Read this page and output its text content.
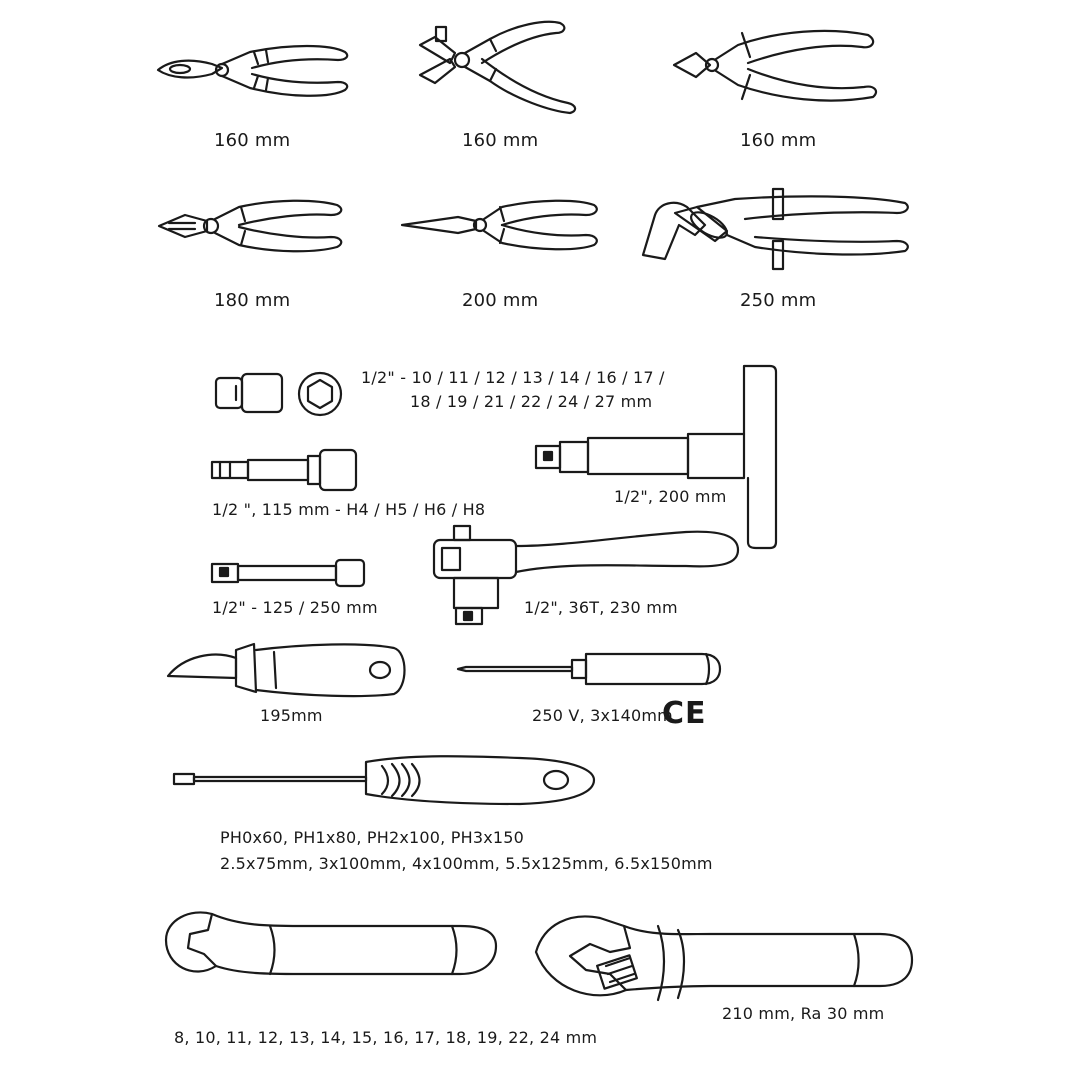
160 mm	160 mm	160 mm
180 mm	200 mm	250 mm
1/2" - 10 / 11 / 12 / 13 / 14 / 16 / 17 /
18 / 19 / 21 / 22 / 24 / 27 mm
1/2 ", 115 mm - H4 / H5 / H6 / H8
1/2", 200 mm
1/2" - 125 / 250 mm	1/2", 36T, 230 mm
195mm	250 V, 3x140mm
CE
PH0x60, PH1x80, PH2x100, PH3x150
2.5x75mm, 3x100mm, 4x100mm, 5.5x125mm, 6.5x150mm
8, 10, 11, 12, 13, 14, 15, 16, 17, 18, 19, 22, 24 mm
210 mm, Ra 30 mm
